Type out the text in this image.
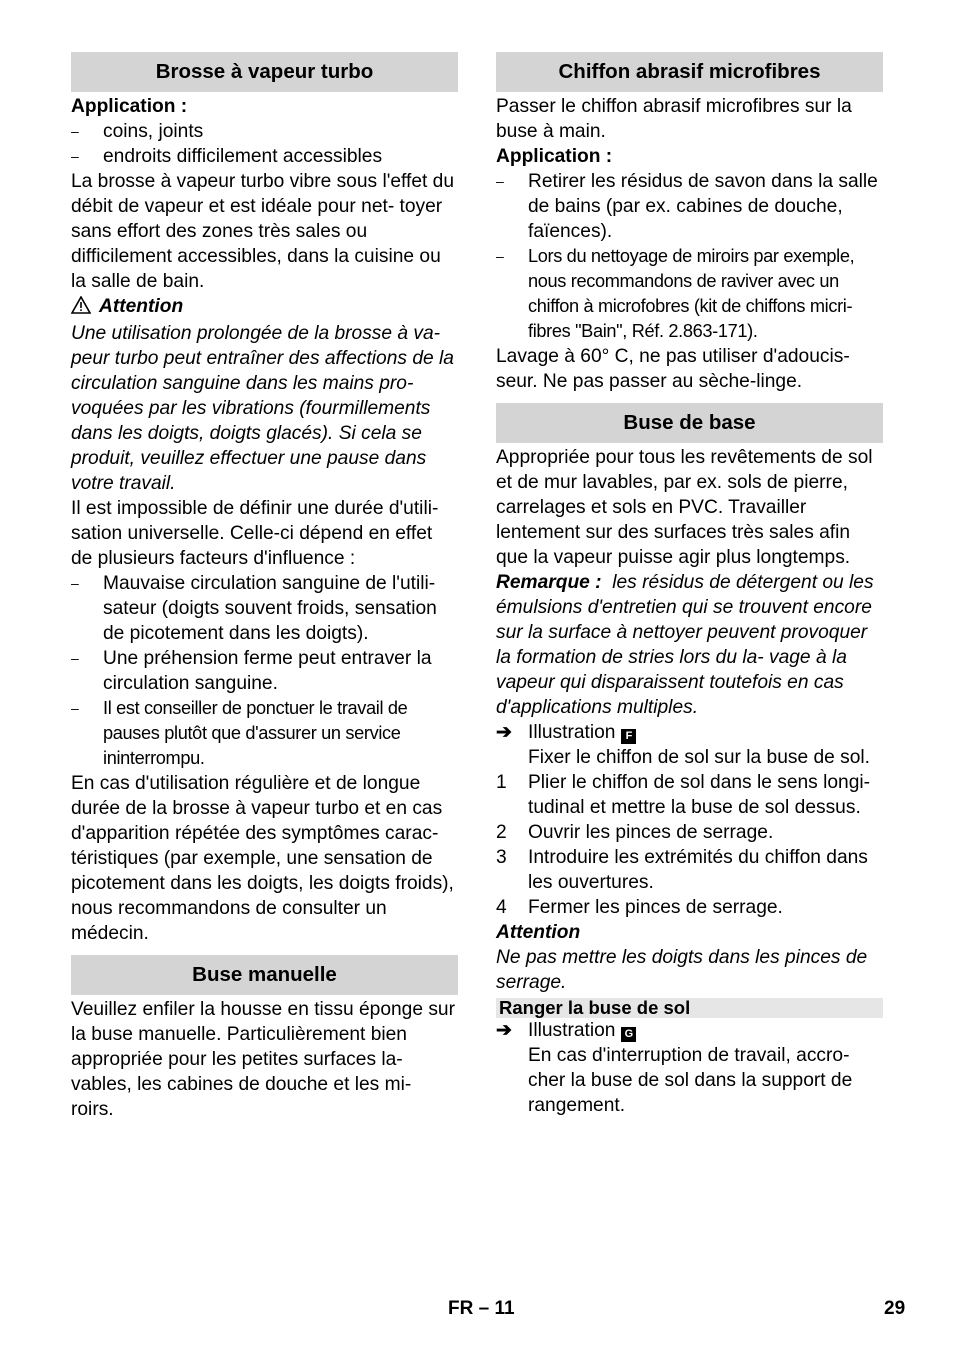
Brosse à vapeur turbo

Application :

– coins, joints
– endroits difficilement accessibles

La brosse à vapeur turbo vibre sous l'effet du débit de vapeur et est idéale pour net- toyer sans effort des zones très sales ou difficilement accessibles, dans la cuisine ou la salle de bain.

Attention

Une utilisation prolongée de la brosse à va- peur turbo peut entraîner des affections de la circulation sanguine dans les mains pro- voquées par les vibrations (fourmillements dans les doigts, doigts glacés). Si cela se produit, veuillez effectuer une pause dans votre travail.

Il est impossible de définir une durée d'utili- sation universelle. Celle-ci dépend en effet de plusieurs facteurs d'influence :

– Mauvaise circulation sanguine de l'utili- sateur (doigts souvent froids, sensation de picotement dans les doigts).
– Une préhension ferme peut entraver la circulation sanguine.
– Il est conseiller de ponctuer le travail de pauses plutôt que d'assurer un service ininterrompu.

En cas d'utilisation régulière et de longue durée de la brosse à vapeur turbo et en cas d'apparition répétée des symptômes carac- téristiques (par exemple, une sensation de picotement dans les doigts, les doigts froids), nous recommandons de consulter un médecin.

Buse manuelle

Veuillez enfiler la housse en tissu éponge sur la buse manuelle. Particulièrement bien appropriée pour les petites surfaces la- vables, les cabines de douche et les mi- roirs.

Chiffon abrasif microfibres

Passer le chiffon abrasif microfibres sur la buse à main.

Application :

– Retirer les résidus de savon dans la salle de bains (par ex. cabines de douche, faïences).
– Lors du nettoyage de miroirs par exemple, nous recommandons de raviver avec un chiffon à microfobres (kit de chiffons micri- fibres "Bain", Réf. 2.863-171).

Lavage à 60° C, ne pas utiliser d'adoucis- seur. Ne pas passer au sèche-linge.

Buse de base

Appropriée pour tous les revêtements de sol et de mur lavables, par ex. sols de pierre, carrelages et sols en PVC. Travailler lentement sur des surfaces très sales afin que la vapeur puisse agir plus longtemps.

Remarque : les résidus de détergent ou les émulsions d'entretien qui se trouvent encore sur la surface à nettoyer peuvent provoquer la formation de stries lors du la- vage à la vapeur qui disparaissent toutefois en cas d'applications multiples.

➔ Illustration F
Fixer le chiffon de sol sur la buse de sol.
1 Plier le chiffon de sol dans le sens longi- tudinal et mettre la buse de sol dessus.
2 Ouvrir les pinces de serrage.
3 Introduire les extrémités du chiffon dans les ouvertures.
4 Fermer les pinces de serrage.

Attention

Ne pas mettre les doigts dans les pinces de serrage.

Ranger la buse de sol
➔ Illustration G
En cas d'interruption de travail, accro- cher la buse de sol dans la support de rangement.
FR – 11	29
